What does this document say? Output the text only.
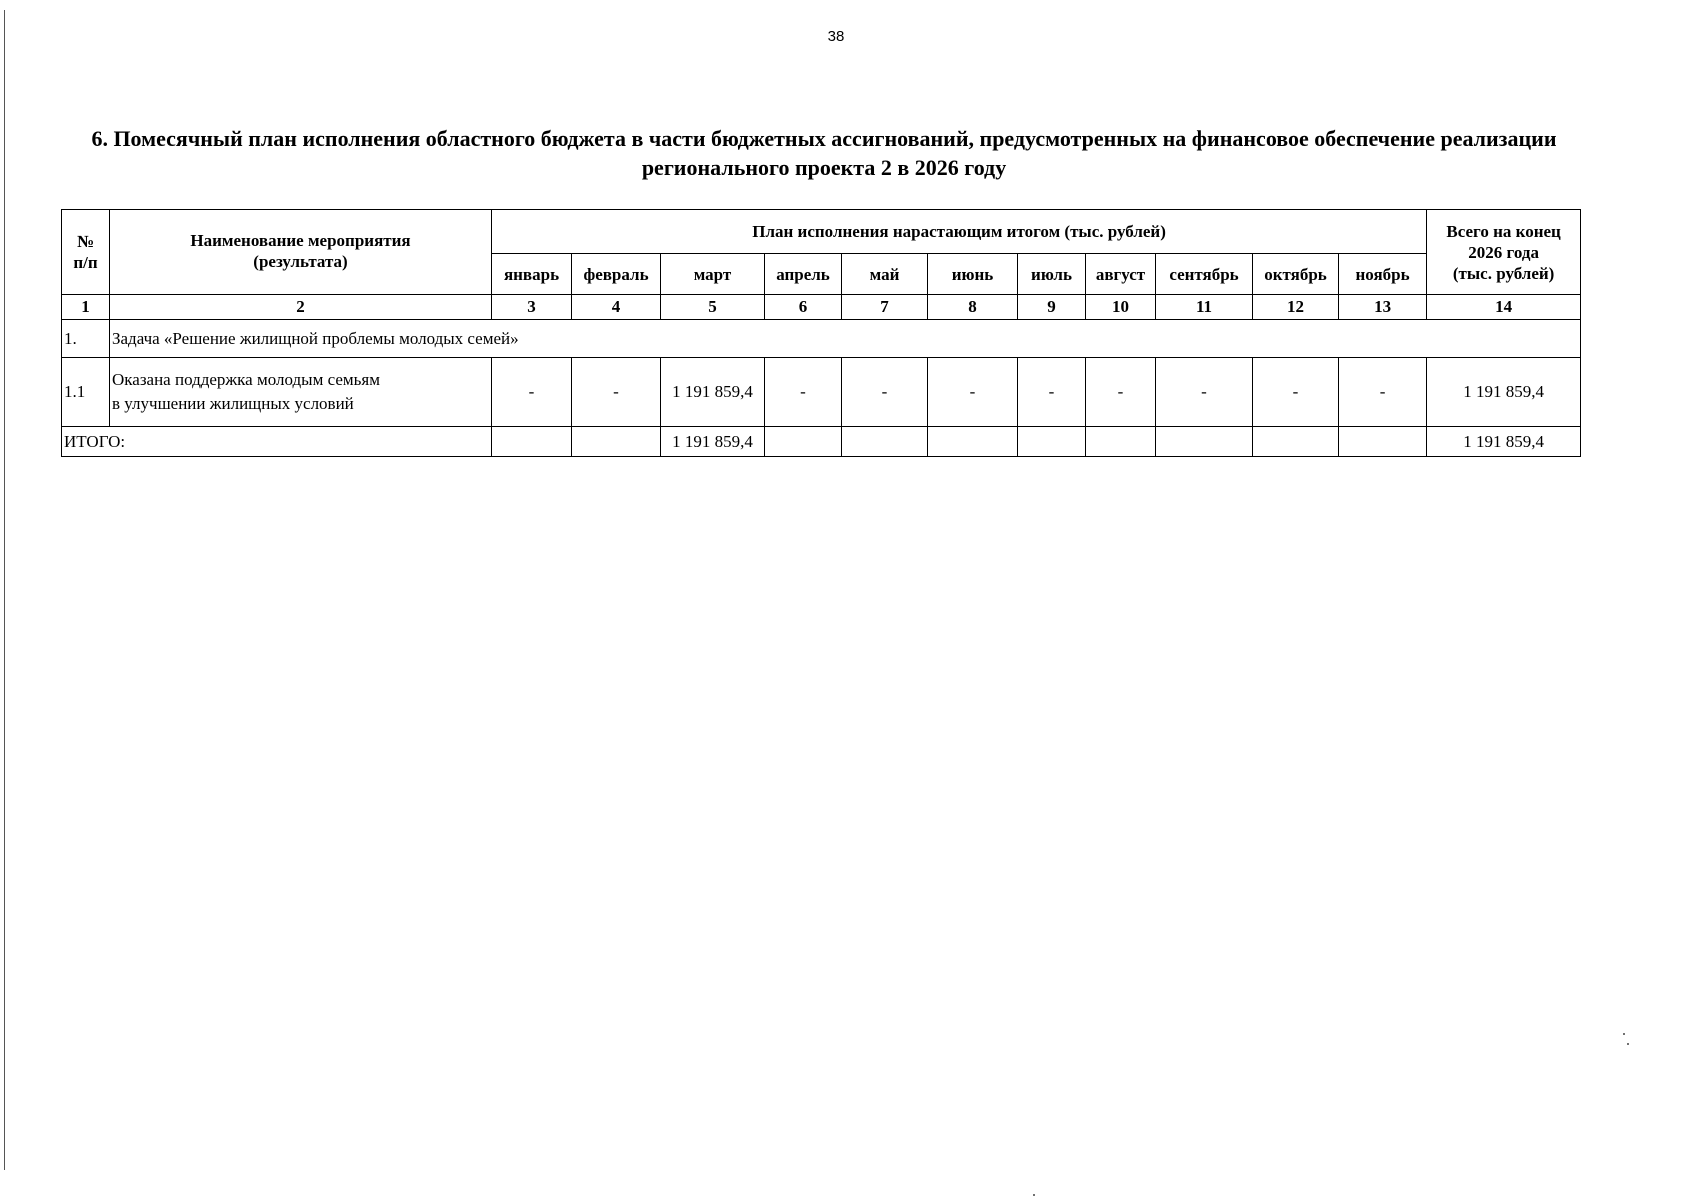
38
6. Помесячный план исполнения областного бюджета в части бюджетных ассигнований, предусмотренных на финансовое обеспечение реализации регионального проекта 2 в 2026 году
№
п/п	Наименование мероприятия
(результата)	План исполнения нарастающим итогом (тыс. рублей)											Всего на конец
2026 года
(тыс. рублей)
		январь	февраль	март	апрель	май	июнь	июль	август	сентябрь	октябрь	ноябрь	
1	2	3	4	5	6	7	8	9	10	11	12	13	14
1.	Задача «Решение жилищной проблемы молодых семей»												
1.1	Оказана поддержка молодым семьям
в улучшении жилищных условий	-	-	1 191 859,4	-	-	-	-	-	-	-	-	1 191 859,4
ИТОГО:				1 191 859,4									1 191 859,4
